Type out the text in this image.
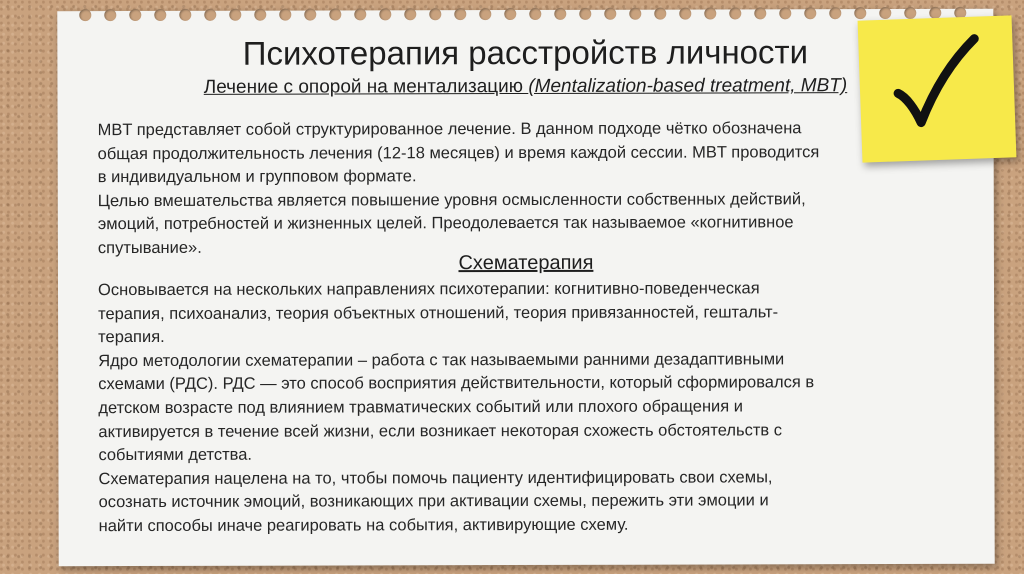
Психотерапия расстройств личности
Лечение с опорой на ментализацию (Mentalization-based treatment, MBT)
MBT представляет собой структурированное лечение. В данном подходе чётко обозначена
общая продолжительность лечения (12-18 месяцев) и время каждой сессии. MBT проводится
в индивидуальном и групповом формате.
Целью вмешательства является повышение уровня осмысленности собственных действий,
эмоций, потребностей и жизненных целей. Преодолевается так называемое «когнитивное
спутывание».
Схематерапия
Основывается на нескольких направлениях психотерапии: когнитивно-поведенческая
терапия, психоанализ, теория объектных отношений, теория привязанностей, гештальт-
терапия.
Ядро методологии схематерапии – работа с так называемыми ранними дезадаптивными
схемами (РДС). РДС — это способ восприятия действительности, который сформировался в
детском возрасте под влиянием травматических событий или плохого обращения и
активируется в течение всей жизни, если возникает некоторая схожесть обстоятельств с
событиями детства.
Схематерапия нацелена на то, чтобы помочь пациенту идентифицировать свои схемы,
осознать источник эмоций, возникающих при активации схемы, пережить эти эмоции и
найти способы иначе реагировать на события, активирующие схему.
